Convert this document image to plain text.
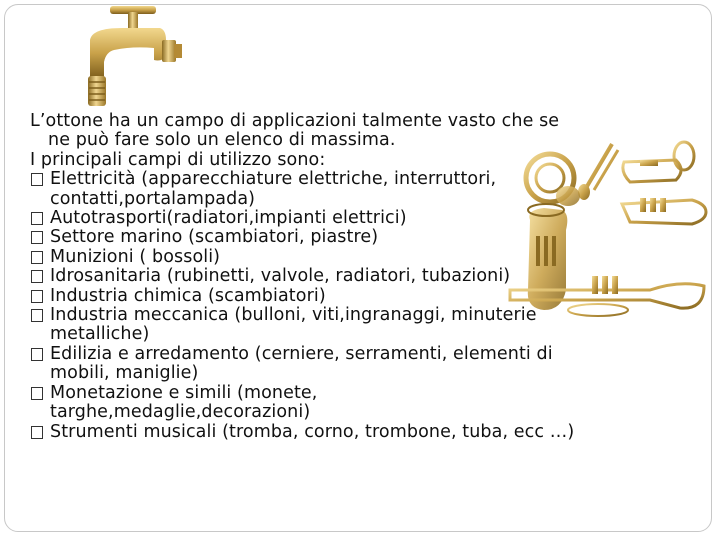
L’ottone ha un campo di applicazioni talmente vasto che se

ne può fare solo un elenco di massima.

I principali campi di utilizzo sono:

Elettricità (apparecchiature elettriche, interruttori,
contatti,portalampada)
Autotrasporti(radiatori,impianti elettrici)
Settore marino (scambiatori, piastre)
Munizioni ( bossoli)
Idrosanitaria (rubinetti, valvole, radiatori, tubazioni)
Industria chimica (scambiatori)
Industria meccanica (bulloni, viti,ingranaggi, minuterie
metalliche)
Edilizia e arredamento (cerniere, serramenti, elementi di
mobili, maniglie)
Monetazione e simili (monete,
targhe,medaglie,decorazioni)
Strumenti musicali (tromba, corno, trombone, tuba, ecc …)
